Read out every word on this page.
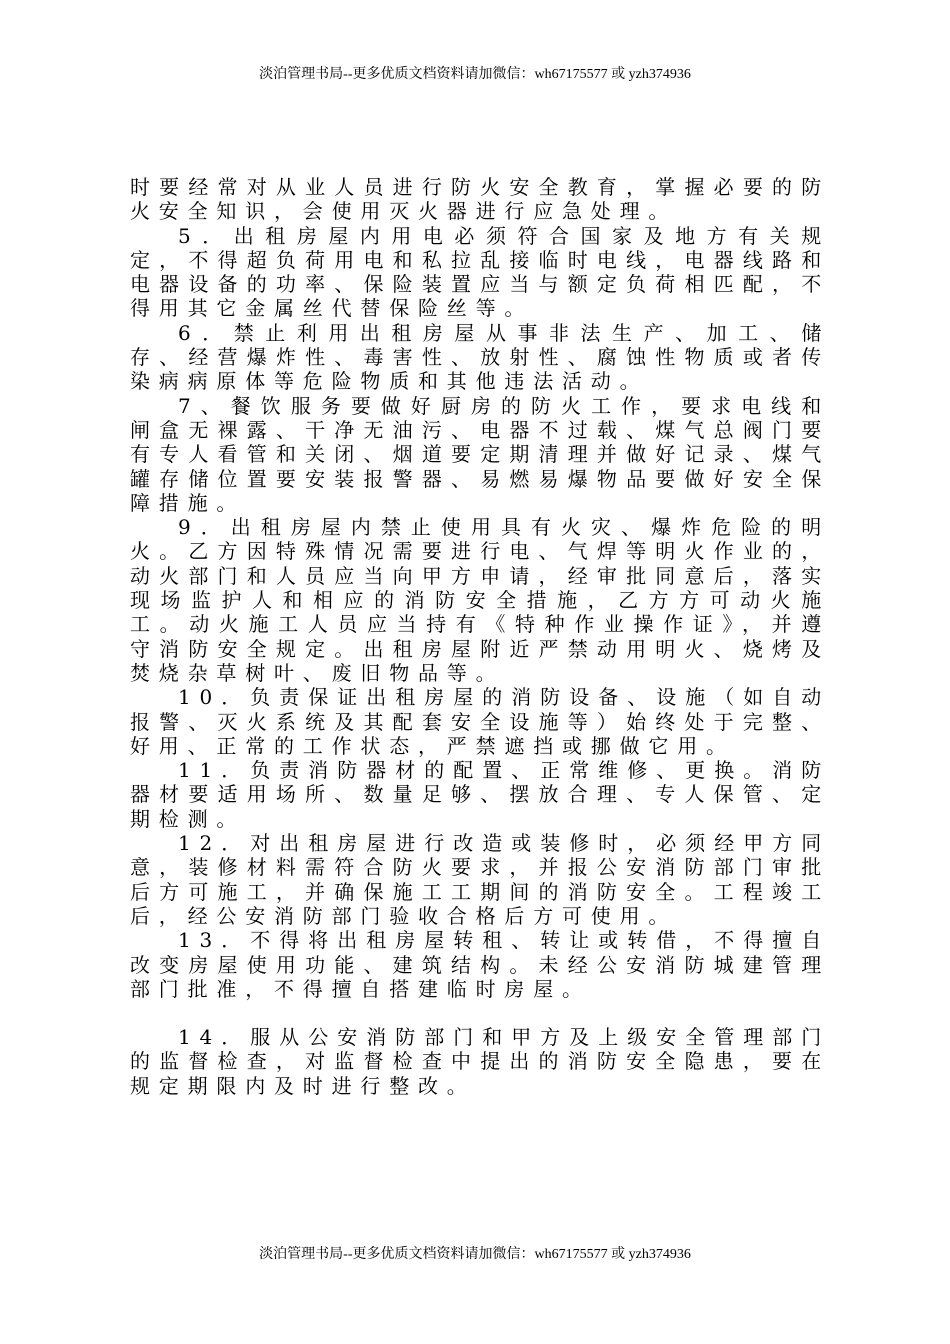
淡泊管理书局--更多优质文档资料请加微信：wh67175577 或 yzh374936

时要经常对从业人员进行防火安全教育，掌握必要的防火安全知识，会使用灭火器进行应急处理。

5．出租房屋内用电必须符合国家及地方有关规定，不得超负荷用电和私拉乱接临时电线，电器线路和电器设备的功率、保险装置应当与额定负荷相匹配，不得用其它金属丝代替保险丝等。

6．禁止利用出租房屋从事非法生产、加工、储存、经营爆炸性、毒害性、放射性、腐蚀性物质或者传染病病原体等危险物质和其他违法活动。

7、餐饮服务要做好厨房的防火工作，要求电线和闸盒无裸露、干净无油污、电器不过载、煤气总阀门要有专人看管和关闭、烟道要定期清理并做好记录、煤气罐存储位置要安装报警器、易燃易爆物品要做好安全保障措施。

9．出租房屋内禁止使用具有火灾、爆炸危险的明火。乙方因特殊情况需要进行电、气焊等明火作业的，动火部门和人员应当向甲方申请，经审批同意后，落实现场监护人和相应的消防安全措施，乙方方可动火施工。动火施工人员应当持有《特种作业操作证》，并遵守消防安全规定。出租房屋附近严禁动用明火、烧烤及焚烧杂草树叶、废旧物品等。

10．负责保证出租房屋的消防设备、设施（如自动报警、灭火系统及其配套安全设施等）始终处于完整、好用、正常的工作状态，严禁遮挡或挪做它用。

11．负责消防器材的配置、正常维修、更换。消防器材要适用场所、数量足够、摆放合理、专人保管、定期检测。

12．对出租房屋进行改造或装修时，必须经甲方同意，装修材料需符合防火要求，并报公安消防部门审批后方可施工，并确保施工工期间的消防安全。工程竣工后，经公安消防部门验收合格后方可使用。

13．不得将出租房屋转租、转让或转借，不得擅自改变房屋使用功能、建筑结构。未经公安消防城建管理部门批准，不得擅自搭建临时房屋。

14．服从公安消防部门和甲方及上级安全管理部门的监督检查，对监督检查中提出的消防安全隐患，要在规定期限内及时进行整改。

淡泊管理书局--更多优质文档资料请加微信：wh67175577 或 yzh374936
